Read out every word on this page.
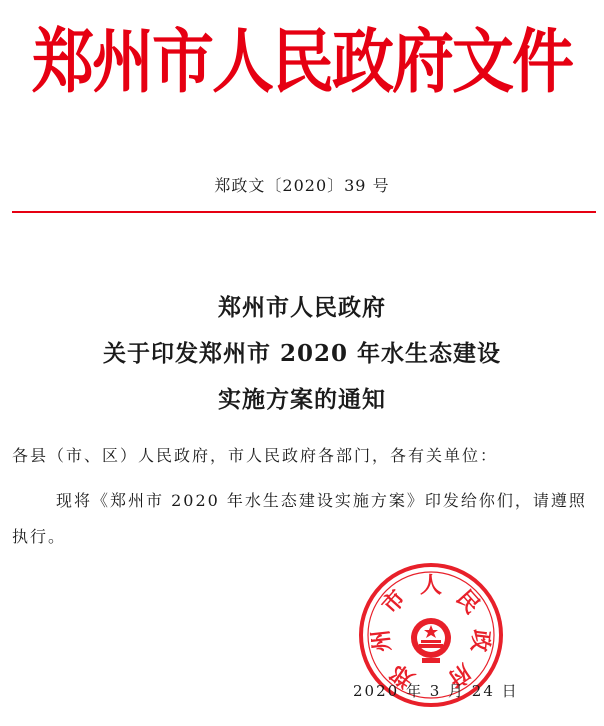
郑州市人民政府文件
郑政文〔2020〕39 号
郑州市人民政府
关于印发郑州市 2020 年水生态建设
实施方案的通知
各县（市、区）人民政府，市人民政府各部门，各有关单位：
现将《郑州市 2020 年水生态建设实施方案》印发给你们，请遵照执行。
郑
州
市 人 民
政
府
2020 年 3 月 24 日
